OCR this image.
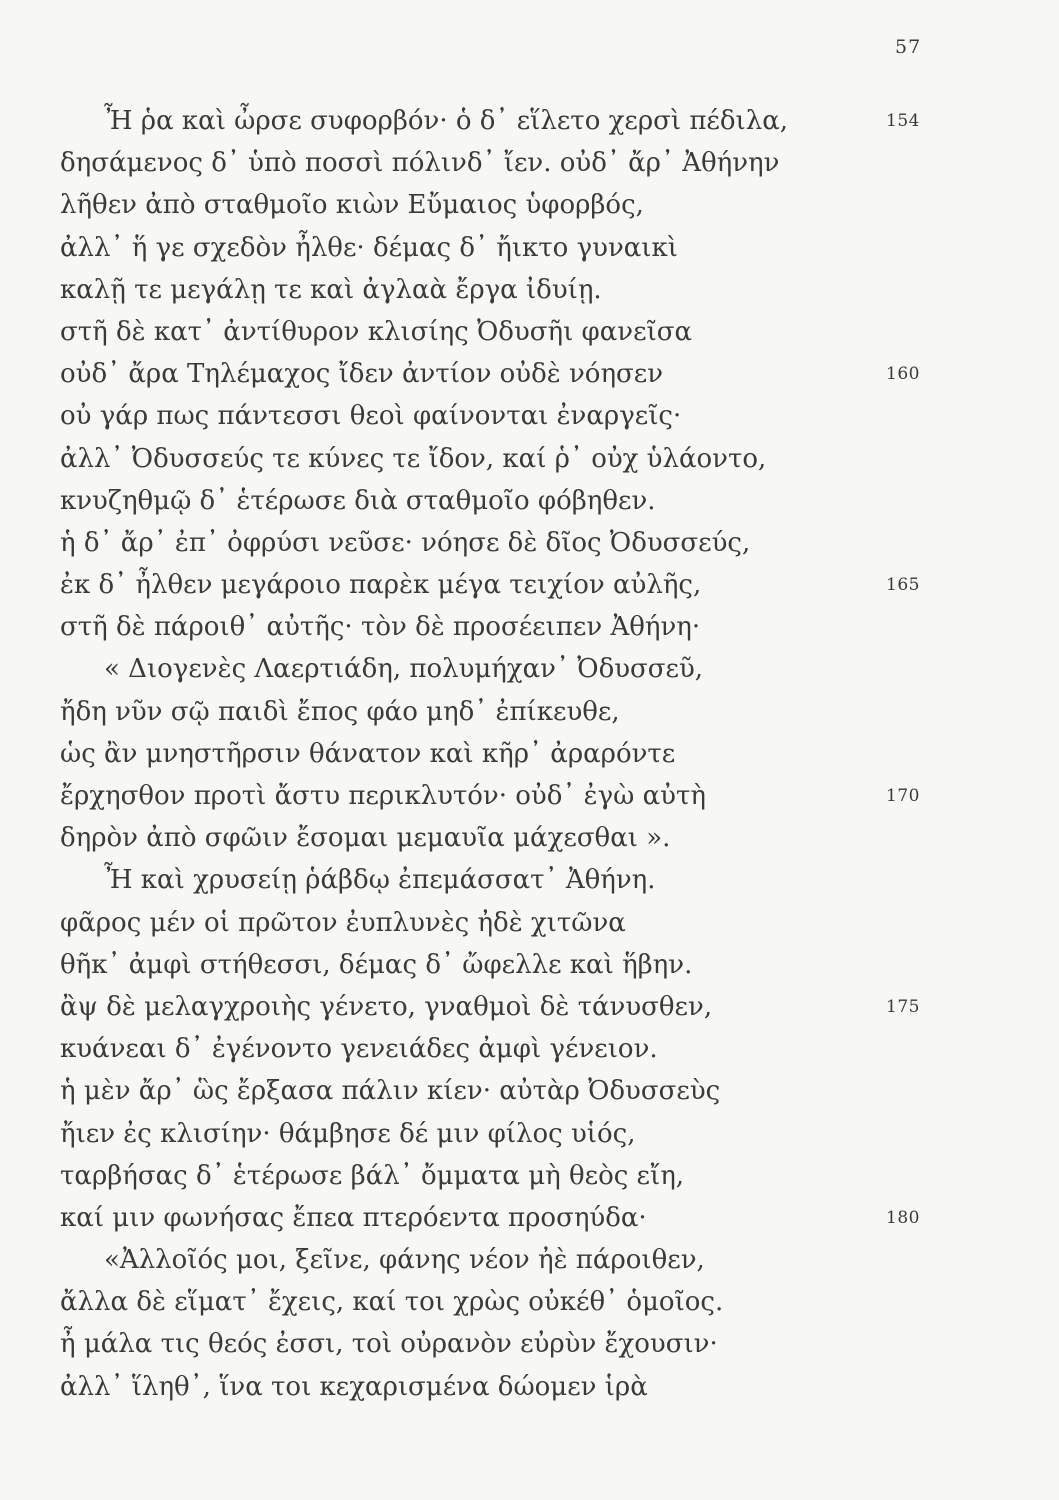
57
Ἦ ῥα καὶ ὦρσε συφορβόν· ὁ δ᾽ εἵλετο χερσὶ πέδιλα,	154
δησάμενος δ᾽ ὑπὸ ποσσὶ πόλινδ᾽ ἴεν. οὐδ᾽ ἄρ᾽ Ἀθήνην
λῆθεν ἀπὸ σταθμοῖο κιὼν Εὔμαιος ὑφορβός,
ἀλλ᾽ ἥ γε σχεδὸν ἦλθε· δέμας δ᾽ ἤικτο γυναικὶ
καλῇ τε μεγάλῃ τε καὶ ἀγλαὰ ἔργα ἰδυίῃ.
στῆ δὲ κατ᾽ ἀντίθυρον κλισίης Ὀδυσῆι φανεῖσα
οὐδ᾽ ἄρα Τηλέμαχος ἴδεν ἀντίον οὐδὲ νόησεν	160
οὐ γάρ πως πάντεσσι θεοὶ φαίνονται ἐναργεῖς·
ἀλλ᾽ Ὀδυσσεύς τε κύνες τε ἴδον, καί ῥ᾽ οὐχ ὑλάοντο,
κνυζηθμῷ δ᾽ ἑτέρωσε διὰ σταθμοῖο φόβηθεν.
ἡ δ᾽ ἄρ᾽ ἐπ᾽ ὀφρύσι νεῦσε· νόησε δὲ δῖος Ὀδυσσεύς,
ἐκ δ᾽ ἦλθεν μεγάροιο παρὲκ μέγα τειχίον αὐλῆς,	165
στῆ δὲ πάροιθ᾽ αὐτῆς· τὸν δὲ προσέειπεν Ἀθήνη·
« Διογενὲς Λαερτιάδη, πολυμήχαν᾽ Ὀδυσσεῦ,
ἤδη νῦν σῷ παιδὶ ἔπος φάο μηδ᾽ ἐπίκευθε,
ὡς ἂν μνηστῆρσιν θάνατον καὶ κῆρ᾽ ἀραρόντε
ἔρχησθον προτὶ ἄστυ περικλυτόν· οὐδ᾽ ἐγὼ αὐτὴ	170
δηρὸν ἀπὸ σφῶιν ἔσομαι μεμαυῖα μάχεσθαι ».
Ἦ καὶ χρυσείῃ ῥάβδῳ ἐπεμάσσατ᾽ Ἀθήνη.
φᾶρος μέν οἱ πρῶτον ἐυπλυνὲς ἠδὲ χιτῶνα
θῆκ᾽ ἀμφὶ στήθεσσι, δέμας δ᾽ ὤφελλε καὶ ἥβην.
ἂψ δὲ μελαγχροιὴς γένετο, γναθμοὶ δὲ τάνυσθεν,	175
κυάνεαι δ᾽ ἐγένοντο γενειάδες ἀμφὶ γένειον.
ἡ μὲν ἄρ᾽ ὣς ἔρξασα πάλιν κίεν· αὐτὰρ Ὀδυσσεὺς
ἤιεν ἐς κλισίην· θάμβησε δέ μιν φίλος υἱός,
ταρβήσας δ᾽ ἑτέρωσε βάλ᾽ ὄμματα μὴ θεὸς εἴη,
καί μιν φωνήσας ἔπεα πτερόεντα προσηύδα·	180
«Ἀλλοῖός μοι, ξεῖνε, φάνης νέον ἠὲ πάροιθεν,
ἄλλα δὲ εἵματ᾽ ἔχεις, καί τοι χρὼς οὐκέθ᾽ ὁμοῖος.
ἦ μάλα τις θεός ἐσσι, τοὶ οὐρανὸν εὐρὺν ἔχουσιν·
ἀλλ᾽ ἵληθ᾽, ἵνα τοι κεχαρισμένα δώομεν ἱρὰ
